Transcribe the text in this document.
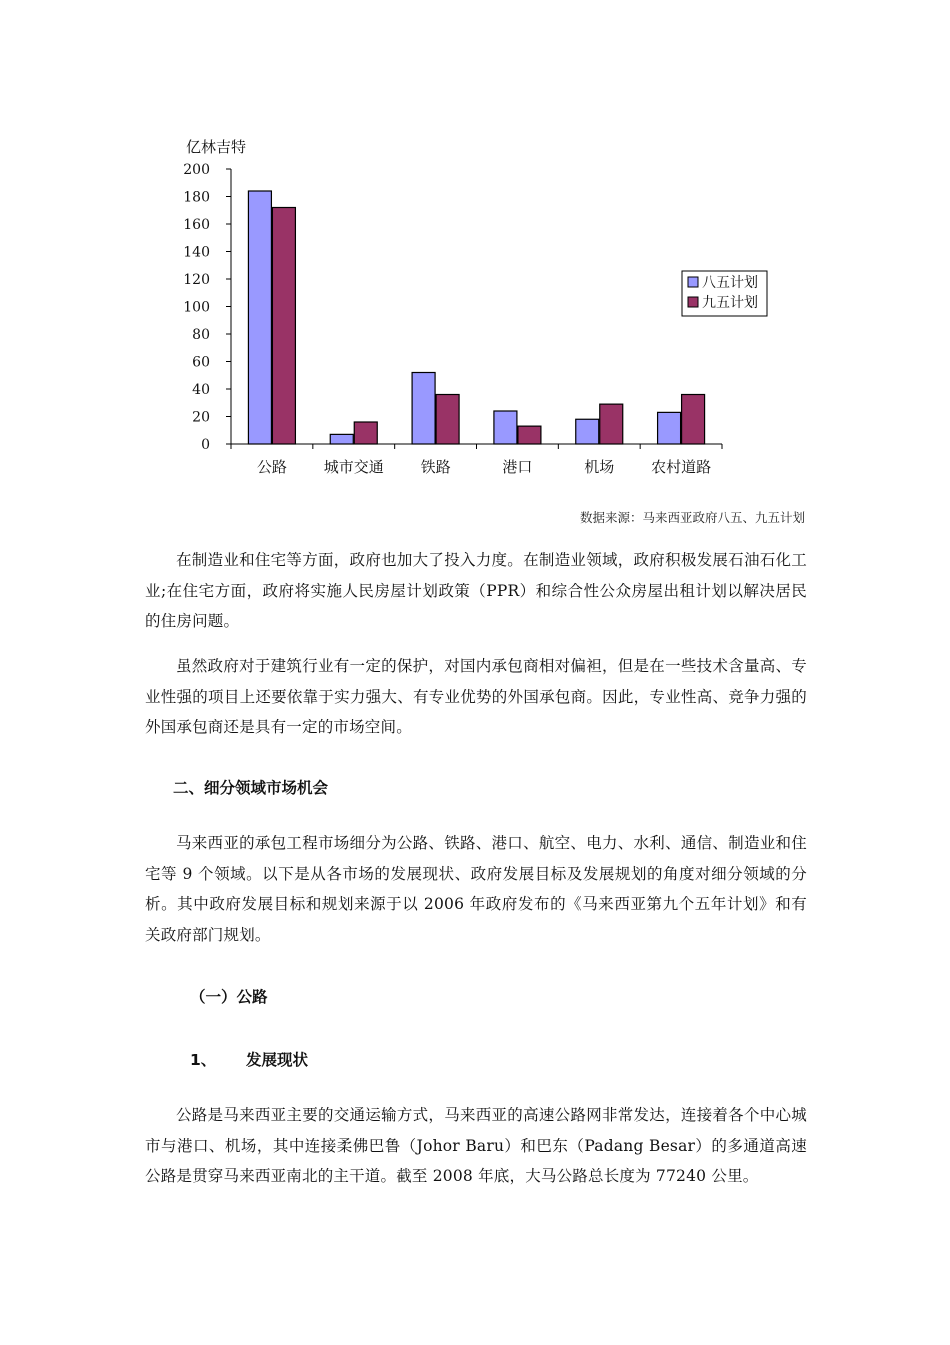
亿林吉特
0
20
40
60
80
100
120
140
160
180
200
公路 城市交通 铁路	港口	机场 农村道路
八五计划
九五计划
数据来源：马来西亚政府八五、九五计划

在制造业和住宅等方面，政府也加大了投入力度。在制造业领域，政府积极发展石油石化工业;在住宅方面，政府将实施人民房屋计划政策（PPR）和综合性公众房屋出租计划以解决居民的住房问题。

虽然政府对于建筑行业有一定的保护，对国内承包商相对偏袒，但是在一些技术含量高、专业性强的项目上还要依靠于实力强大、有专业优势的外国承包商。因此，专业性高、竞争力强的外国承包商还是具有一定的市场空间。

二、细分领域市场机会

马来西亚的承包工程市场细分为公路、铁路、港口、航空、电力、水利、通信、制造业和住宅等 9 个领域。以下是从各市场的发展现状、政府发展目标及发展规划的角度对细分领域的分析。其中政府发展目标和规划来源于以 2006 年政府发布的《马来西亚第九个五年计划》和有关政府部门规划。

（一）公路
1、 发展现状

公路是马来西亚主要的交通运输方式，马来西亚的高速公路网非常发达，连接着各个中心城市与港口、机场，其中连接柔佛巴鲁（Johor Baru）和巴东（Padang Besar）的多通道高速公路是贯穿马来西亚南北的主干道。截至 2008 年底，大马公路总长度为 77240 公里。
